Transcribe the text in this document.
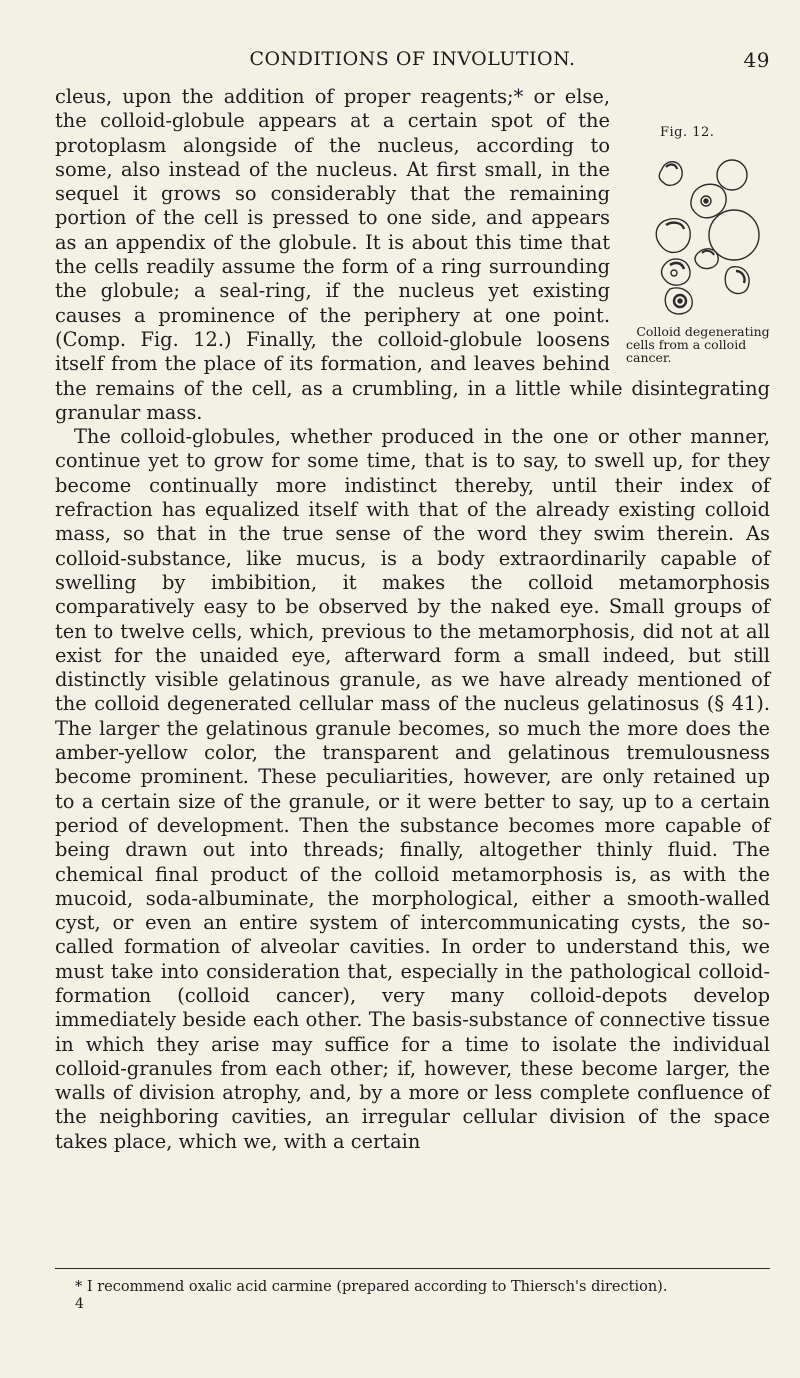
CONDITIONS OF INVOLUTION.	49
Fig. 12.
Colloid degenerating
cells from a colloid cancer.

cleus, upon the addition of proper reagents;* or else, the colloid-globule appears at a certain spot of the protoplasm alongside of the nucleus, according to some, also instead of the nucleus. At first small, in the sequel it grows so considerably that the remaining portion of the cell is pressed to one side, and appears as an appendix of the globule. It is about this time that the cells readily assume the form of a ring surrounding the globule; a seal-ring, if the nucleus yet existing causes a prominence of the periphery at one point. (Comp. Fig. 12.) Finally, the colloid-globule loosens itself from the place of its formation, and leaves behind the remains of the cell, as a crumbling, in a little while disintegrating granular mass.

The colloid-globules, whether produced in the one or other manner, continue yet to grow for some time, that is to say, to swell up, for they become continually more indistinct thereby, until their index of refraction has equalized itself with that of the already existing colloid mass, so that in the true sense of the word they swim therein. As colloid-substance, like mucus, is a body extraordinarily capable of swelling by imbibition, it makes the colloid metamorphosis comparatively easy to be observed by the naked eye. Small groups of ten to twelve cells, which, previous to the metamorphosis, did not at all exist for the unaided eye, afterward form a small indeed, but still distinctly visible gelatinous granule, as we have already mentioned of the colloid degenerated cellular mass of the nucleus gelatinosus (§ 41). The larger the gelatinous granule becomes, so much the more does the amber-yellow color, the transparent and gelatinous tremulousness become prominent. These peculiarities, however, are only retained up to a certain size of the granule, or it were better to say, up to a certain period of development. Then the substance becomes more capable of being drawn out into threads; finally, altogether thinly fluid. The chemical final product of the colloid metamorphosis is, as with the mucoid, soda-albuminate, the morphological, either a smooth-walled cyst, or even an entire system of intercommunicating cysts, the so-called formation of alveolar cavities. In order to understand this, we must take into consideration that, especially in the pathological colloid-formation (colloid cancer), very many colloid-depots develop immediately beside each other. The basis-substance of connective tissue in which they arise may suffice for a time to isolate the individual colloid-granules from each other; if, however, these become larger, the walls of division atrophy, and, by a more or less complete confluence of the neighboring cavities, an irregular cellular division of the space takes place, which we, with a certain

* I recommend oxalic acid carmine (prepared according to Thiersch's direction).
4
